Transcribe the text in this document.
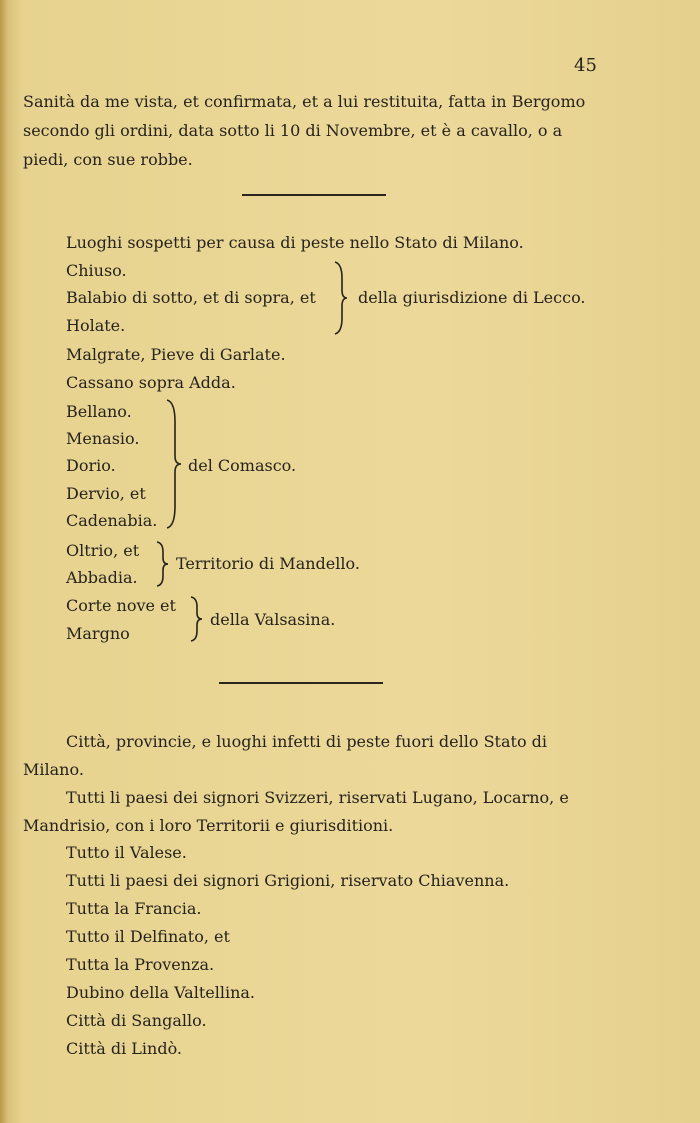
45
Sanità da me vista, et confirmata, et a lui restituita, fatta in Bergomo
secondo gli ordini, data sotto li 10 di Novembre, et è a cavallo, o a
piedi, con sue robbe.
Luoghi sospetti per causa di peste nello Stato di Milano.
Chiuso.
Balabio di sotto, et di sopra, et
Holate.
della giurisdizione di Lecco.
Malgrate, Pieve di Garlate.
Cassano sopra Adda.
Bellano.
Menasio.
Dorio.
Dervio, et
Cadenabia.
del Comasco.
Oltrio, et
Abbadia.
Territorio di Mandello.
Corte nove et
Margno
della Valsasina.
Città, provincie, e luoghi infetti di peste fuori dello Stato di
Milano.
Tutti li paesi dei signori Svizzeri, riservati Lugano, Locarno, e
Mandrisio, con i loro Territorii e giurisditioni.
Tutto il Valese.
Tutti li paesi dei signori Grigioni, riservato Chiavenna.
Tutta la Francia.
Tutto il Delfinato, et
Tutta la Provenza.
Dubino della Valtellina.
Città di Sangallo.
Città di Lindò.
